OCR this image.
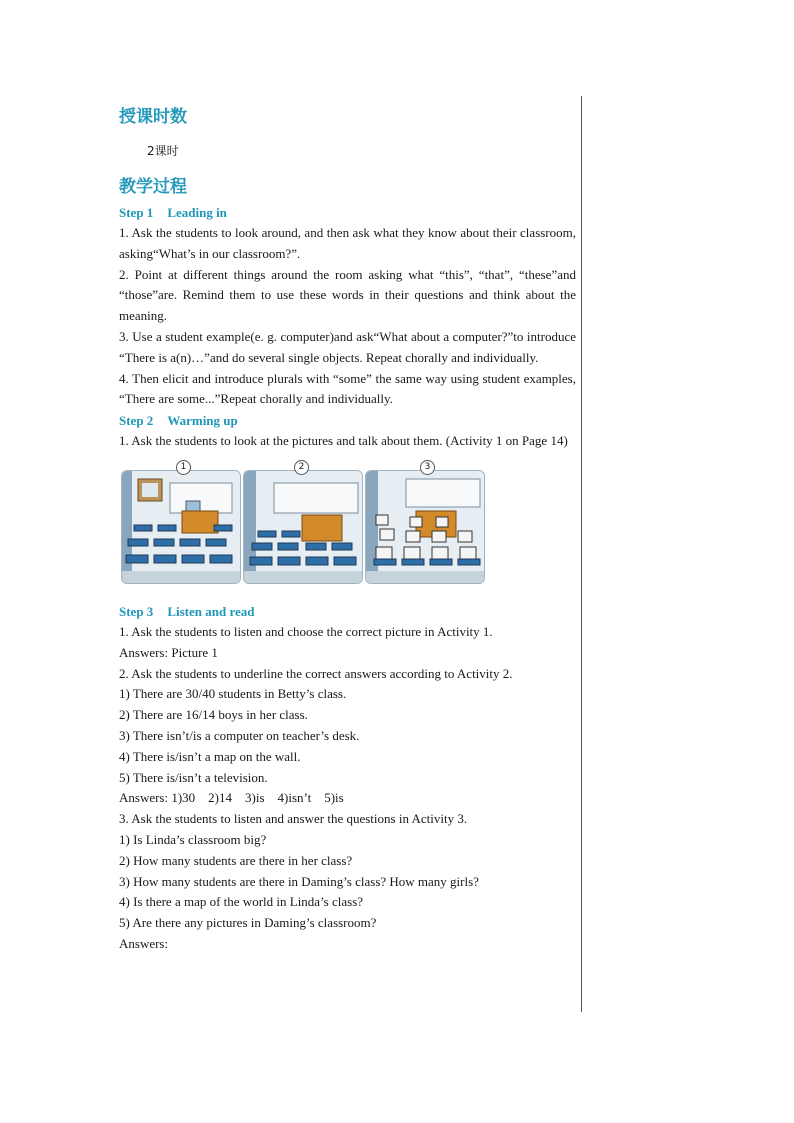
授课时数
2课时
教学过程
Step 1 Leading in

1. Ask the students to look around, and then ask what they know about their classroom, asking“What’s in our classroom?”.

2. Point at different things around the room asking what “this”, “that”, “these”and “those”are. Remind them to use these words in their questions and think about the meaning.

3. Use a student example(e. g. computer)and ask“What about a computer?”to introduce “There is a(n)…”and do several single objects. Repeat chorally and individually.

4. Then elicit and introduce plurals with “some” the same way using student examples, “There are some...”Repeat chorally and individually.

Step 2 Warming up

1. Ask the students to look at the pictures and talk about them. (Activity 1 on Page 14)

1	2	3
Step 3 Listen and read

1. Ask the students to listen and choose the correct picture in Activity 1.

Answers: Picture 1

2. Ask the students to underline the correct answers according to Activity 2.

1) There are 30/40 students in Betty’s class.

2) There are 16/14 boys in her class.

3) There isn’t/is a computer on teacher’s desk.

4) There is/isn’t a map on the wall.

5) There is/isn’t a television.

Answers: 1)30    2)14    3)is    4)isn’t    5)is

3. Ask the students to listen and answer the questions in Activity 3.

1) Is Linda’s classroom big?

2) How many students are there in her class?

3) How many students are there in Daming’s class? How many girls?

4) Is there a map of the world in Linda’s class?

5) Are there any pictures in Daming’s classroom?

Answers:
